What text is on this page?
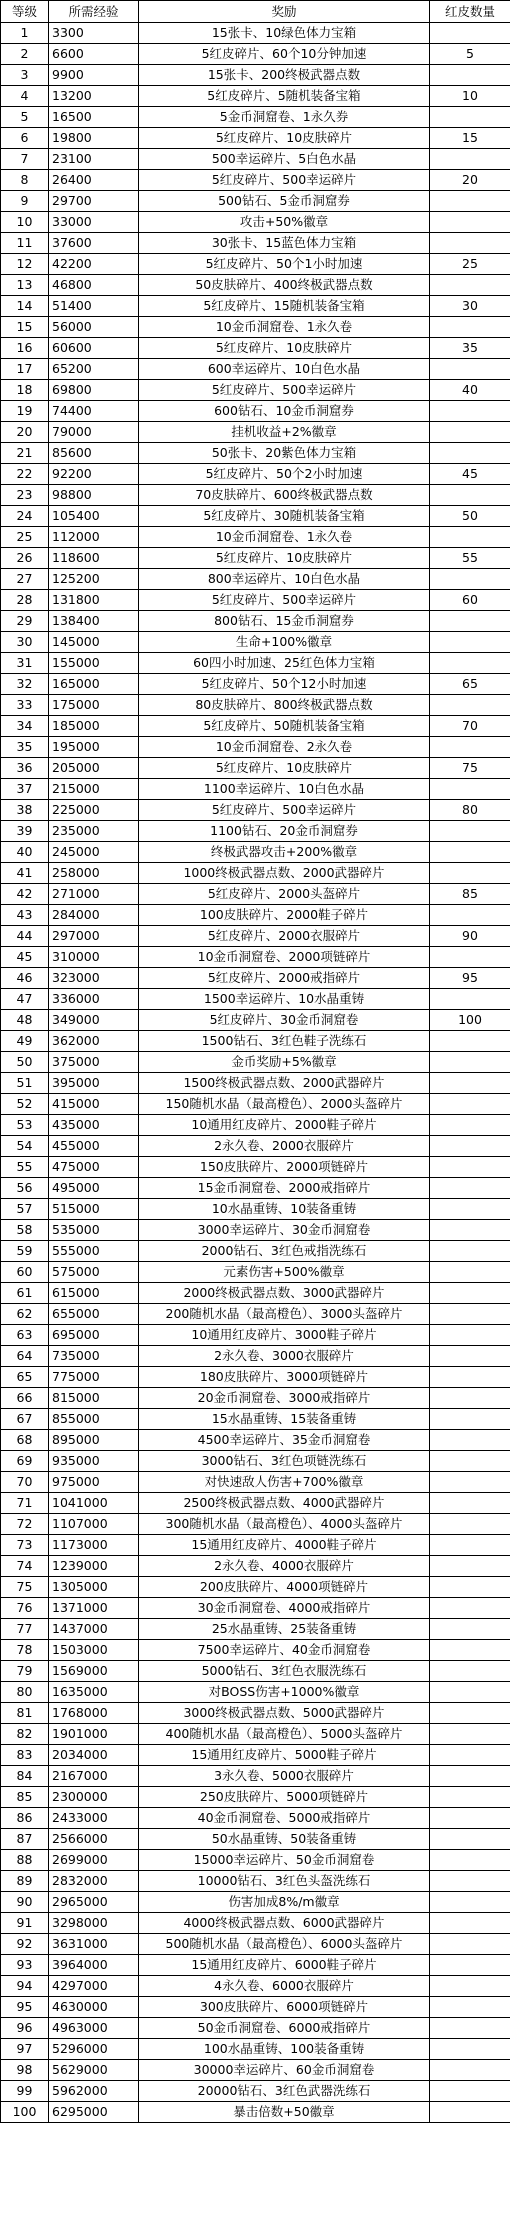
等级	所需经验	奖励	红皮数量
1	3300	15张卡、10绿色体力宝箱	
2	6600	5红皮碎片、60个10分钟加速	5
3	9900	15张卡、200终极武器点数	
4	13200	5红皮碎片、5随机装备宝箱	10
5	16500	5金币洞窟卷、1永久券	
6	19800	5红皮碎片、10皮肤碎片	15
7	23100	500幸运碎片、5白色水晶	
8	26400	5红皮碎片、500幸运碎片	20
9	29700	500钻石、5金币洞窟券	
10	33000	攻击+50%徽章	
11	37600	30张卡、15蓝色体力宝箱	
12	42200	5红皮碎片、50个1小时加速	25
13	46800	50皮肤碎片、400终极武器点数	
14	51400	5红皮碎片、15随机装备宝箱	30
15	56000	10金币洞窟卷、1永久卷	
16	60600	5红皮碎片、10皮肤碎片	35
17	65200	600幸运碎片、10白色水晶	
18	69800	5红皮碎片、500幸运碎片	40
19	74400	600钻石、10金币洞窟券	
20	79000	挂机收益+2%徽章	
21	85600	50张卡、20紫色体力宝箱	
22	92200	5红皮碎片、50个2小时加速	45
23	98800	70皮肤碎片、600终极武器点数	
24	105400	5红皮碎片、30随机装备宝箱	50
25	112000	10金币洞窟卷、1永久卷	
26	118600	5红皮碎片、10皮肤碎片	55
27	125200	800幸运碎片、10白色水晶	
28	131800	5红皮碎片、500幸运碎片	60
29	138400	800钻石、15金币洞窟券	
30	145000	生命+100%徽章	
31	155000	60四小时加速、25红色体力宝箱	
32	165000	5红皮碎片、50个12小时加速	65
33	175000	80皮肤碎片、800终极武器点数	
34	185000	5红皮碎片、50随机装备宝箱	70
35	195000	10金币洞窟卷、2永久卷	
36	205000	5红皮碎片、10皮肤碎片	75
37	215000	1100幸运碎片、10白色水晶	
38	225000	5红皮碎片、500幸运碎片	80
39	235000	1100钻石、20金币洞窟券	
40	245000	终极武器攻击+200%徽章	
41	258000	1000终极武器点数、2000武器碎片	
42	271000	5红皮碎片、2000头盔碎片	85
43	284000	100皮肤碎片、2000鞋子碎片	
44	297000	5红皮碎片、2000衣服碎片	90
45	310000	10金币洞窟卷、2000项链碎片	
46	323000	5红皮碎片、2000戒指碎片	95
47	336000	1500幸运碎片、10水晶重铸	
48	349000	5红皮碎片、30金币洞窟卷	100
49	362000	1500钻石、3红色鞋子洗练石	
50	375000	金币奖励+5%徽章	
51	395000	1500终极武器点数、2000武器碎片	
52	415000	150随机水晶（最高橙色）、2000头盔碎片	
53	435000	10通用红皮碎片、2000鞋子碎片	
54	455000	2永久卷、2000衣服碎片	
55	475000	150皮肤碎片、2000项链碎片	
56	495000	15金币洞窟卷、2000戒指碎片	
57	515000	10水晶重铸、10装备重铸	
58	535000	3000幸运碎片、30金币洞窟卷	
59	555000	2000钻石、3红色戒指洗练石	
60	575000	元素伤害+500%徽章	
61	615000	2000终极武器点数、3000武器碎片	
62	655000	200随机水晶（最高橙色）、3000头盔碎片	
63	695000	10通用红皮碎片、3000鞋子碎片	
64	735000	2永久卷、3000衣服碎片	
65	775000	180皮肤碎片、3000项链碎片	
66	815000	20金币洞窟卷、3000戒指碎片	
67	855000	15水晶重铸、15装备重铸	
68	895000	4500幸运碎片、35金币洞窟卷	
69	935000	3000钻石、3红色项链洗练石	
70	975000	对快速敌人伤害+700%徽章	
71	1041000	2500终极武器点数、4000武器碎片	
72	1107000	300随机水晶（最高橙色）、4000头盔碎片	
73	1173000	15通用红皮碎片、4000鞋子碎片	
74	1239000	2永久卷、4000衣服碎片	
75	1305000	200皮肤碎片、4000项链碎片	
76	1371000	30金币洞窟卷、4000戒指碎片	
77	1437000	25水晶重铸、25装备重铸	
78	1503000	7500幸运碎片、40金币洞窟卷	
79	1569000	5000钻石、3红色衣服洗练石	
80	1635000	对BOSS伤害+1000%徽章	
81	1768000	3000终极武器点数、5000武器碎片	
82	1901000	400随机水晶（最高橙色）、5000头盔碎片	
83	2034000	15通用红皮碎片、5000鞋子碎片	
84	2167000	3永久卷、5000衣服碎片	
85	2300000	250皮肤碎片、5000项链碎片	
86	2433000	40金币洞窟卷、5000戒指碎片	
87	2566000	50水晶重铸、50装备重铸	
88	2699000	15000幸运碎片、50金币洞窟卷	
89	2832000	10000钻石、3红色头盔洗练石	
90	2965000	伤害加成8%/m徽章	
91	3298000	4000终极武器点数、6000武器碎片	
92	3631000	500随机水晶（最高橙色）、6000头盔碎片	
93	3964000	15通用红皮碎片、6000鞋子碎片	
94	4297000	4永久卷、6000衣服碎片	
95	4630000	300皮肤碎片、6000项链碎片	
96	4963000	50金币洞窟卷、6000戒指碎片	
97	5296000	100水晶重铸、100装备重铸	
98	5629000	30000幸运碎片、60金币洞窟卷	
99	5962000	20000钻石、3红色武器洗练石	
100	6295000	暴击倍数+50徽章	
